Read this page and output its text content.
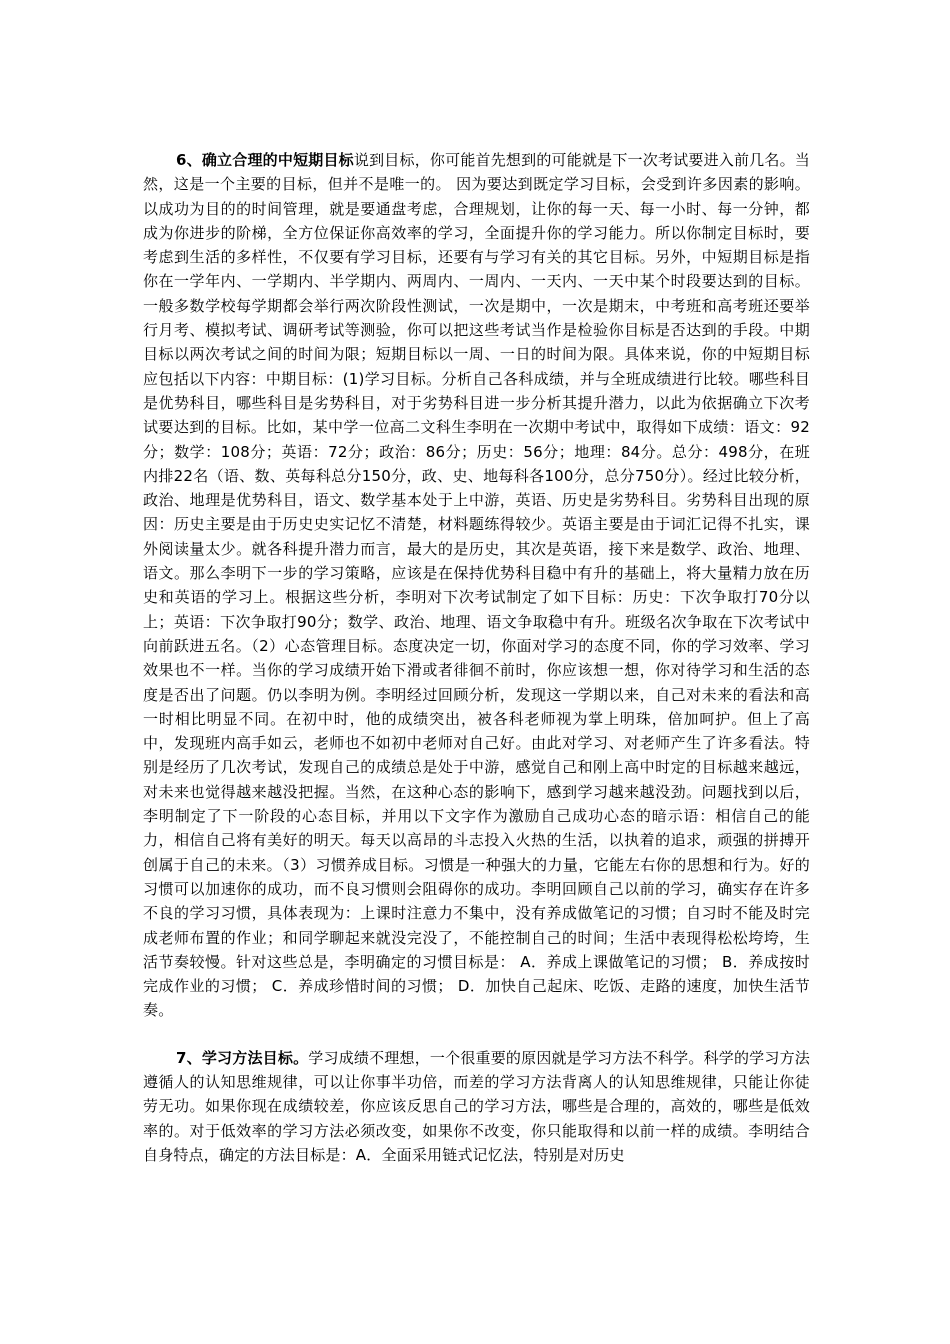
6、确立合理的中短期目标说到目标，你可能首先想到的可能就是下一次考试要进入前几名。当然，这是一个主要的目标，但并不是唯一的。 因为要达到既定学习目标，会受到许多因素的影响。以成功为目的的时间管理，就是要通盘考虑，合理规划，让你的每一天、每一小时、每一分钟，都成为你进步的阶梯，全方位保证你高效率的学习，全面提升你的学习能力。所以你制定目标时，要考虑到生活的多样性，不仅要有学习目标，还要有与学习有关的其它目标。另外，中短期目标是指你在一学年内、一学期内、半学期内、两周内、一周内、一天内、一天中某个时段要达到的目标。一般多数学校每学期都会举行两次阶段性测试，一次是期中，一次是期末，中考班和高考班还要举行月考、模拟考试、调研考试等测验，你可以把这些考试当作是检验你目标是否达到的手段。中期目标以两次考试之间的时间为限；短期目标以一周、一日的时间为限。具体来说，你的中短期目标应包括以下内容：中期目标：(1)学习目标。分析自己各科成绩，并与全班成绩进行比较。哪些科目是优势科目，哪些科目是劣势科目，对于劣势科目进一步分析其提升潜力，以此为依据确立下次考试要达到的目标。比如，某中学一位高二文科生李明在一次期中考试中，取得如下成绩：语文：92分；数学：108分；英语：72分；政治：86分；历史：56分；地理：84分。总分：498分，在班内排22名（语、数、英每科总分150分，政、史、地每科各100分，总分750分）。经过比较分析，政治、地理是优势科目，语文、数学基本处于上中游，英语、历史是劣势科目。劣势科目出现的原因：历史主要是由于历史史实记忆不清楚，材料题练得较少。英语主要是由于词汇记得不扎实，课外阅读量太少。就各科提升潜力而言，最大的是历史，其次是英语，接下来是数学、政治、地理、语文。那么李明下一步的学习策略，应该是在保持优势科目稳中有升的基础上，将大量精力放在历史和英语的学习上。根据这些分析，李明对下次考试制定了如下目标：历史：下次争取打70分以上；英语：下次争取打90分；数学、政治、地理、语文争取稳中有升。班级名次争取在下次考试中向前跃进五名。（2）心态管理目标。态度决定一切，你面对学习的态度不同，你的学习效率、学习效果也不一样。当你的学习成绩开始下滑或者徘徊不前时，你应该想一想，你对待学习和生活的态度是否出了问题。仍以李明为例。李明经过回顾分析，发现这一学期以来，自己对未来的看法和高一时相比明显不同。在初中时，他的成绩突出，被各科老师视为掌上明珠，倍加呵护。但上了高中，发现班内高手如云，老师也不如初中老师对自己好。由此对学习、对老师产生了许多看法。特别是经历了几次考试，发现自己的成绩总是处于中游，感觉自己和刚上高中时定的目标越来越远，对未来也觉得越来越没把握。当然，在这种心态的影响下，感到学习越来越没劲。问题找到以后，李明制定了下一阶段的心态目标，并用以下文字作为激励自己成功心态的暗示语：相信自己的能力，相信自己将有美好的明天。每天以高昂的斗志投入火热的生活，以执着的追求，顽强的拼搏开创属于自己的未来。（3）习惯养成目标。习惯是一种强大的力量，它能左右你的思想和行为。好的习惯可以加速你的成功，而不良习惯则会阻碍你的成功。李明回顾自己以前的学习，确实存在许多不良的学习习惯，具体表现为：上课时注意力不集中，没有养成做笔记的习惯；自习时不能及时完成老师布置的作业；和同学聊起来就没完没了，不能控制自己的时间；生活中表现得松松垮垮，生活节奏较慢。针对这些总是，李明确定的习惯目标是： A．养成上课做笔记的习惯； B．养成按时完成作业的习惯； C．养成珍惜时间的习惯； D．加快自己起床、吃饭、走路的速度，加快生活节奏。

7、学习方法目标。学习成绩不理想，一个很重要的原因就是学习方法不科学。科学的学习方法遵循人的认知思维规律，可以让你事半功倍，而差的学习方法背离人的认知思维规律，只能让你徒劳无功。如果你现在成绩较差，你应该反思自己的学习方法，哪些是合理的，高效的，哪些是低效率的。对于低效率的学习方法必须改变，如果你不改变，你只能取得和以前一样的成绩。李明结合自身特点，确定的方法目标是：A．全面采用链式记忆法，特别是对历史
